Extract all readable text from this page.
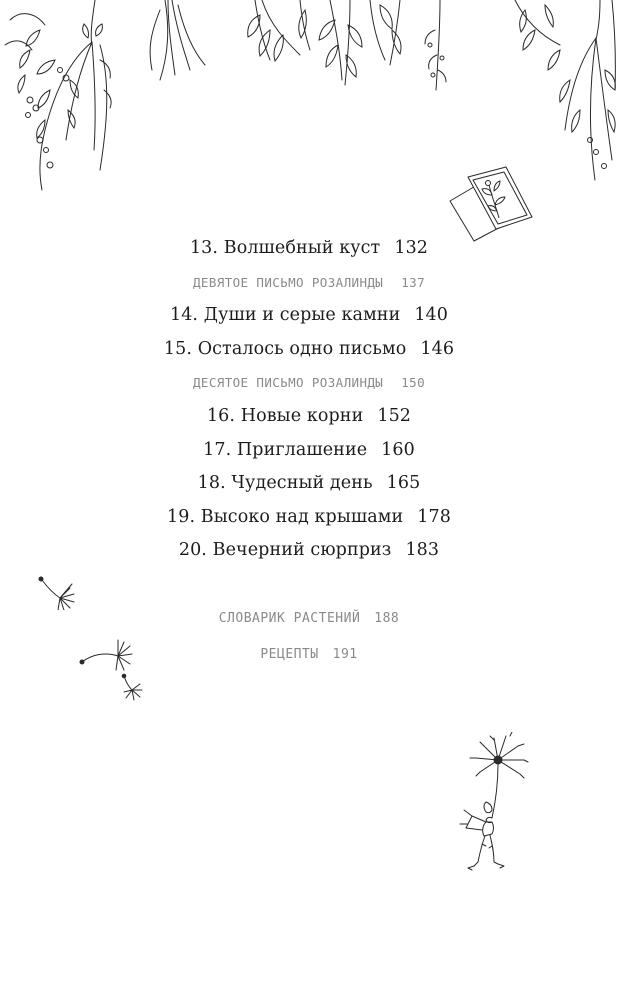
13. Волшебный куст 132
ДЕВЯТОЕ ПИСЬМО РОЗАЛИНДЫ 137
14. Души и серые камни 140
15. Осталось одно письмо 146
ДЕСЯТОЕ ПИСЬМО РОЗАЛИНДЫ 150
16. Новые корни 152
17. Приглашение 160
18. Чудесный день 165
19. Высоко над крышами 178
20. Вечерний сюрприз 183
СЛОВАРИК РАСТЕНИЙ 188
РЕЦЕПТЫ 191
